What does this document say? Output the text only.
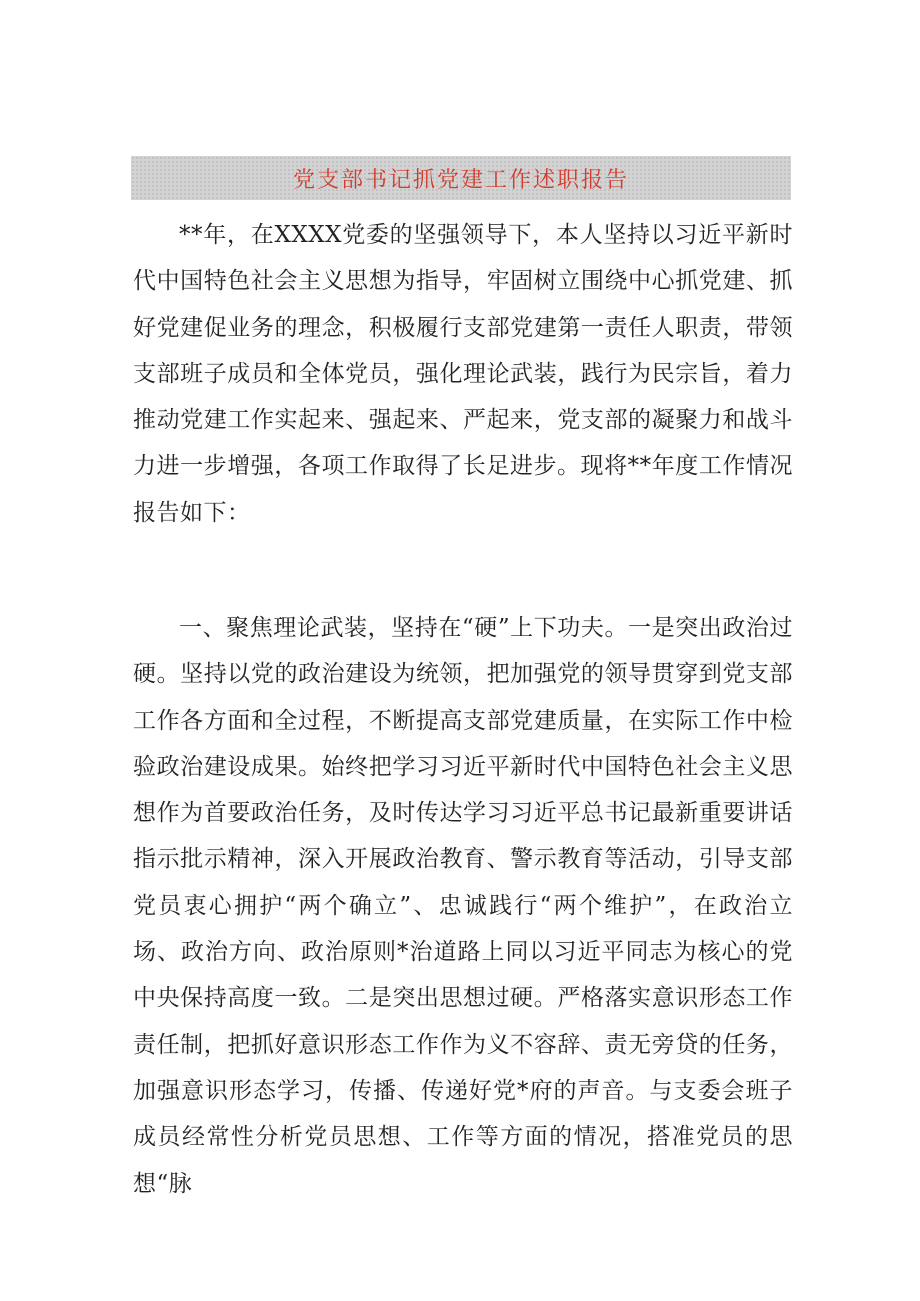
党支部书记抓党建工作述职报告

**年，在XXXX党委的坚强领导下，本人坚持以习近平新时代中国特色社会主义思想为指导，牢固树立围绕中心抓党建、抓好党建促业务的理念，积极履行支部党建第一责任人职责，带领支部班子成员和全体党员，强化理论武装，践行为民宗旨，着力推动党建工作实起来、强起来、严起来，党支部的凝聚力和战斗力进一步增强，各项工作取得了长足进步。现将**年度工作情况报告如下：

一、聚焦理论武装，坚持在“硬”上下功夫。一是突出政治过硬。坚持以党的政治建设为统领，把加强党的领导贯穿到党支部工作各方面和全过程，不断提高支部党建质量，在实际工作中检验政治建设成果。始终把学习习近平新时代中国特色社会主义思想作为首要政治任务，及时传达学习习近平总书记最新重要讲话指示批示精神，深入开展政治教育、警示教育等活动，引导支部党员衷心拥护“两个确立”、忠诚践行“两个维护”，在政治立场、政治方向、政治原则*治道路上同以习近平同志为核心的党中央保持高度一致。二是突出思想过硬。严格落实意识形态工作责任制，把抓好意识形态工作作为义不容辞、责无旁贷的任务，加强意识形态学习，传播、传递好党*府的声音。与支委会班子成员经常性分析党员思想、工作等方面的情况，搭准党员的思想“脉
